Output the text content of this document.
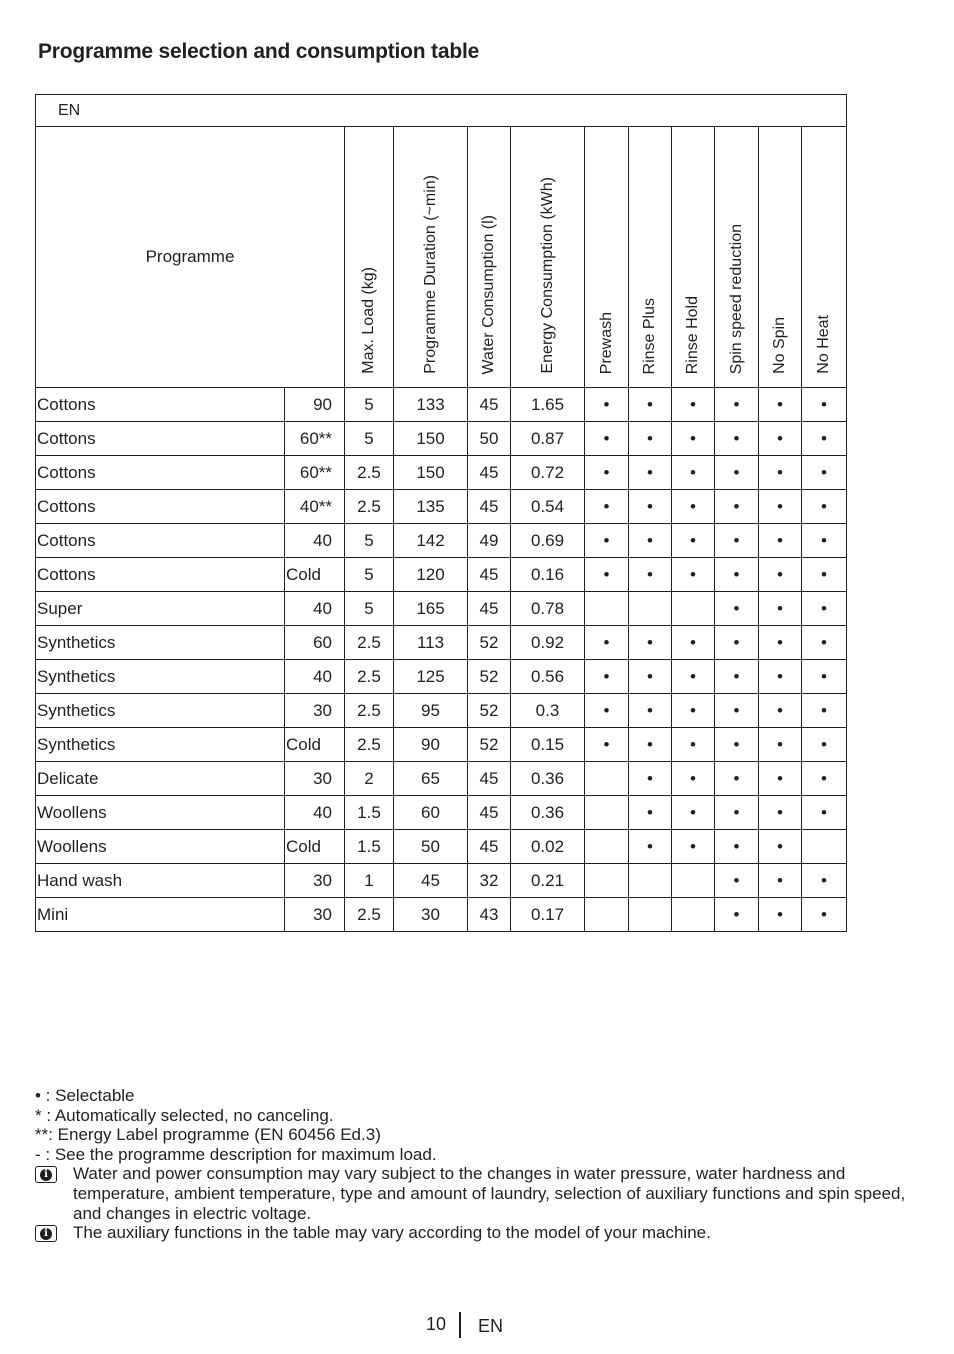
Programme selection and consumption table
EN											
Programme		Max. Load (kg)	Programme Duration (~min)	Water Consumption (l)	Energy Consumption (kWh)	Prewash	Rinse Plus	Rinse Hold	Spin speed reduction	No Spin	No Heat
Cottons	90	5	133	45	1.65	•	•	•	•	•	•
Cottons	60**	5	150	50	0.87	•	•	•	•	•	•
Cottons	60**	2.5	150	45	0.72	•	•	•	•	•	•
Cottons	40**	2.5	135	45	0.54	•	•	•	•	•	•
Cottons	40	5	142	49	0.69	•	•	•	•	•	•
Cottons	Cold	5	120	45	0.16	•	•	•	•	•	•
Super	40	5	165	45	0.78				•	•	•
Synthetics	60	2.5	113	52	0.92	•	•	•	•	•	•
Synthetics	40	2.5	125	52	0.56	•	•	•	•	•	•
Synthetics	30	2.5	95	52	0.3	•	•	•	•	•	•
Synthetics	Cold	2.5	90	52	0.15	•	•	•	•	•	•
Delicate	30	2	65	45	0.36		•	•	•	•	•
Woollens	40	1.5	60	45	0.36		•	•	•	•	•
Woollens	Cold	1.5	50	45	0.02		•	•	•	•	
Hand wash	30	1	45	32	0.21				•	•	•
Mini	30	2.5	30	43	0.17				•	•	•
• : Selectable
* : Automatically selected, no canceling.
**: Energy Label programme (EN 60456 Ed.3)
- : See the programme description for maximum load.
i Water and power consumption may vary subject to the changes in water pressure, water hardness and temperature, ambient temperature, type and amount of laundry, selection of auxiliary functions and spin speed, and changes in electric voltage.
i The auxiliary functions in the table may vary according to the model of your machine.
10 EN
